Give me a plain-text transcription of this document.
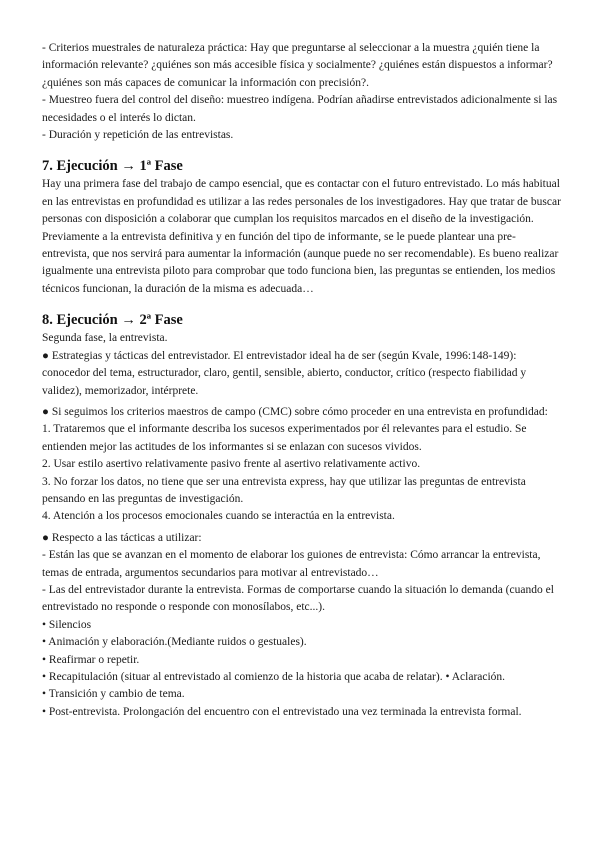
- Criterios muestrales de naturaleza práctica: Hay que preguntarse al seleccionar a la muestra ¿quién tiene la información relevante? ¿quiénes son más accesible física y socialmente? ¿quiénes están dispuestos a informar? ¿quiénes son más capaces de comunicar la información con precisión?.

- Muestreo fuera del control del diseño: muestreo indígena. Podrían añadirse entrevistados adicionalmente si las necesidades o el interés lo dictan.

- Duración y repetición de las entrevistas.

7. Ejecución → 1ª Fase

Hay una primera fase del trabajo de campo esencial, que es contactar con el futuro entrevistado. Lo más habitual en las entrevistas en profundidad es utilizar a las redes personales de los investigadores. Hay que tratar de buscar personas con disposición a colaborar que cumplan los requisitos marcados en el diseño de la investigación. Previamente a la entrevista definitiva y en función del tipo de informante, se le puede plantear una pre-entrevista, que nos servirá para aumentar la información (aunque puede no ser recomendable). Es bueno realizar igualmente una entrevista piloto para comprobar que todo funciona bien, las preguntas se entienden, los medios técnicos funcionan, la duración de la misma es adecuada…

8. Ejecución → 2ª Fase

Segunda fase, la entrevista.

● Estrategias y tácticas del entrevistador. El entrevistador ideal ha de ser (según Kvale, 1996:148-149): conocedor del tema, estructurador, claro, gentil, sensible, abierto, conductor, crítico (respecto fiabilidad y validez), memorizador, intérprete.

● Si seguimos los criterios maestros de campo (CMC) sobre cómo proceder en una entrevista en profundidad:

1. Trataremos que el informante describa los sucesos experimentados por él relevantes para el estudio. Se entienden mejor las actitudes de los informantes si se enlazan con sucesos vividos.

2. Usar estilo asertivo relativamente pasivo frente al asertivo relativamente activo.

3. No forzar los datos, no tiene que ser una entrevista express, hay que utilizar las preguntas de entrevista pensando en las preguntas de investigación.

4. Atención a los procesos emocionales cuando se interactúa en la entrevista.

● Respecto a las tácticas a utilizar:

- Están las que se avanzan en el momento de elaborar los guiones de entrevista: Cómo arrancar la entrevista, temas de entrada, argumentos secundarios para motivar al entrevistado…

- Las del entrevistador durante la entrevista. Formas de comportarse cuando la situación lo demanda (cuando el entrevistado no responde o responde con monosílabos, etc...).

• Silencios

• Animación y elaboración.(Mediante ruidos o gestuales).

• Reafirmar o repetir.

• Recapitulación (situar al entrevistado al comienzo de la historia que acaba de relatar). • Aclaración.

• Transición y cambio de tema.

• Post-entrevista. Prolongación del encuentro con el entrevistado una vez terminada la entrevista formal.
